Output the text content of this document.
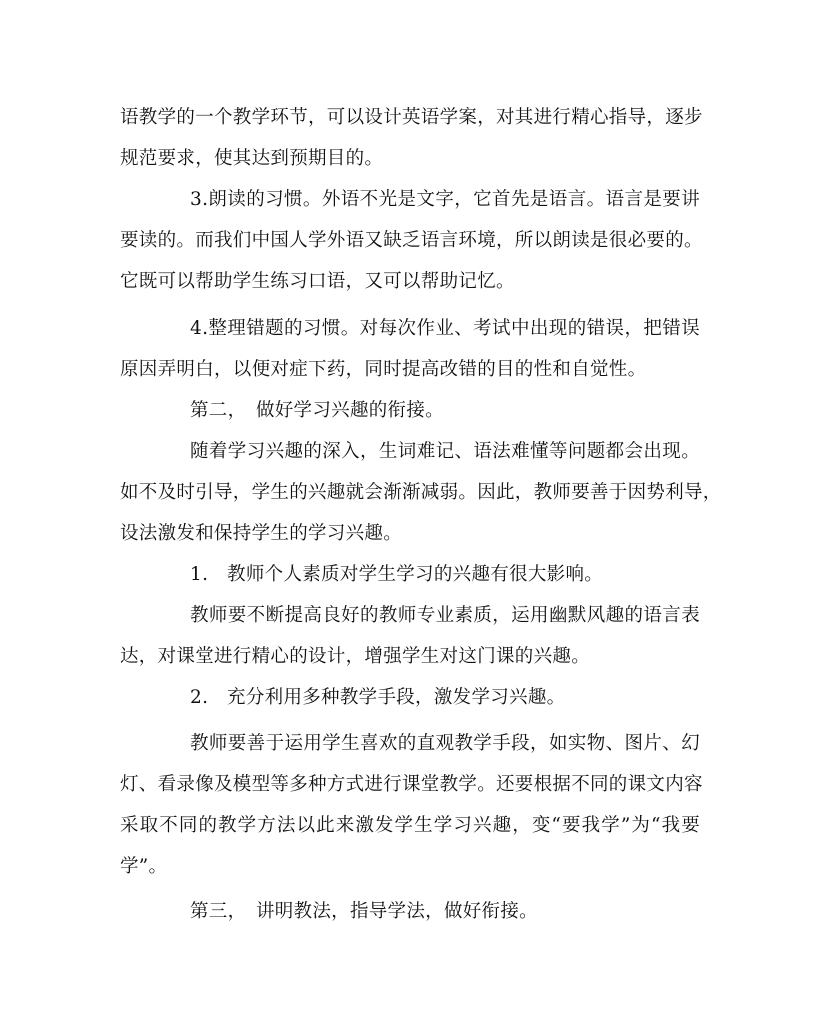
语教学的一个教学环节，可以设计英语学案，对其进行精心指导，逐步
规范要求，使其达到预期目的。
3.朗读的习惯。外语不光是文字，它首先是语言。语言是要讲
要读的。而我们中国人学外语又缺乏语言环境，所以朗读是很必要的。
它既可以帮助学生练习口语，又可以帮助记忆。
4.整理错题的习惯。对每次作业、考试中出现的错误，把错误
原因弄明白，以便对症下药，同时提高改错的目的性和自觉性。
第二，　做好学习兴趣的衔接。
随着学习兴趣的深入，生词难记、语法难懂等问题都会出现。
如不及时引导，学生的兴趣就会渐渐减弱。因此，教师要善于因势利导，
设法激发和保持学生的学习兴趣。
1.　教师个人素质对学生学习的兴趣有很大影响。
教师要不断提高良好的教师专业素质，运用幽默风趣的语言表
达，对课堂进行精心的设计，增强学生对这门课的兴趣。
2.　充分利用多种教学手段，激发学习兴趣。
教师要善于运用学生喜欢的直观教学手段，如实物、图片、幻
灯、看录像及模型等多种方式进行课堂教学。还要根据不同的课文内容
采取不同的教学方法以此来激发学生学习兴趣，变“要我学”为“我要
学”。
第三，　讲明教法，指导学法，做好衔接。
